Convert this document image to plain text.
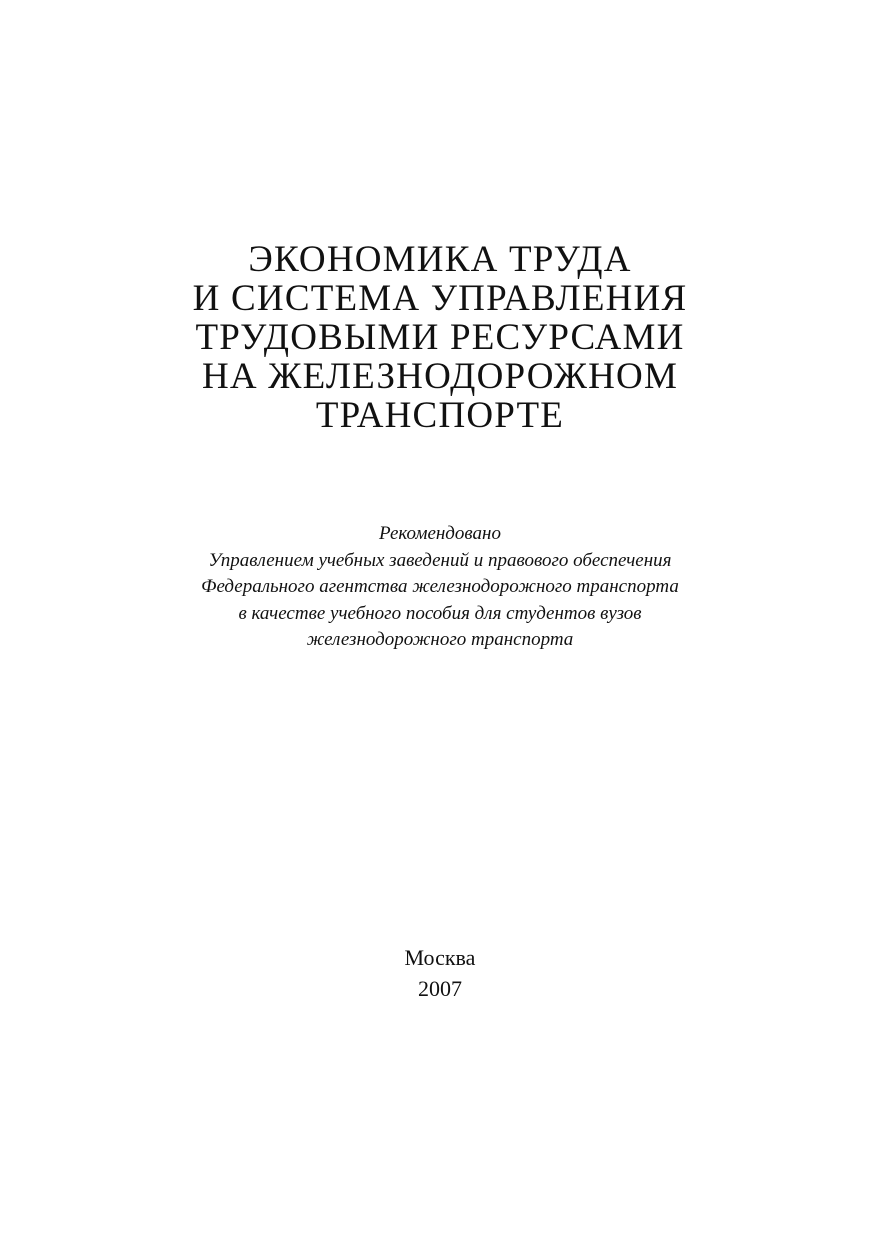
ЭКОНОМИКА ТРУДА
И СИСТЕМА УПРАВЛЕНИЯ
ТРУДОВЫМИ РЕСУРСАМИ
НА ЖЕЛЕЗНОДОРОЖНОМ
ТРАНСПОРТЕ
Рекомендовано
Управлением учебных заведений и правового обеспечения
Федерального агентства железнодорожного транспорта
в качестве учебного пособия для студентов вузов
железнодорожного транспорта
Москва
2007
